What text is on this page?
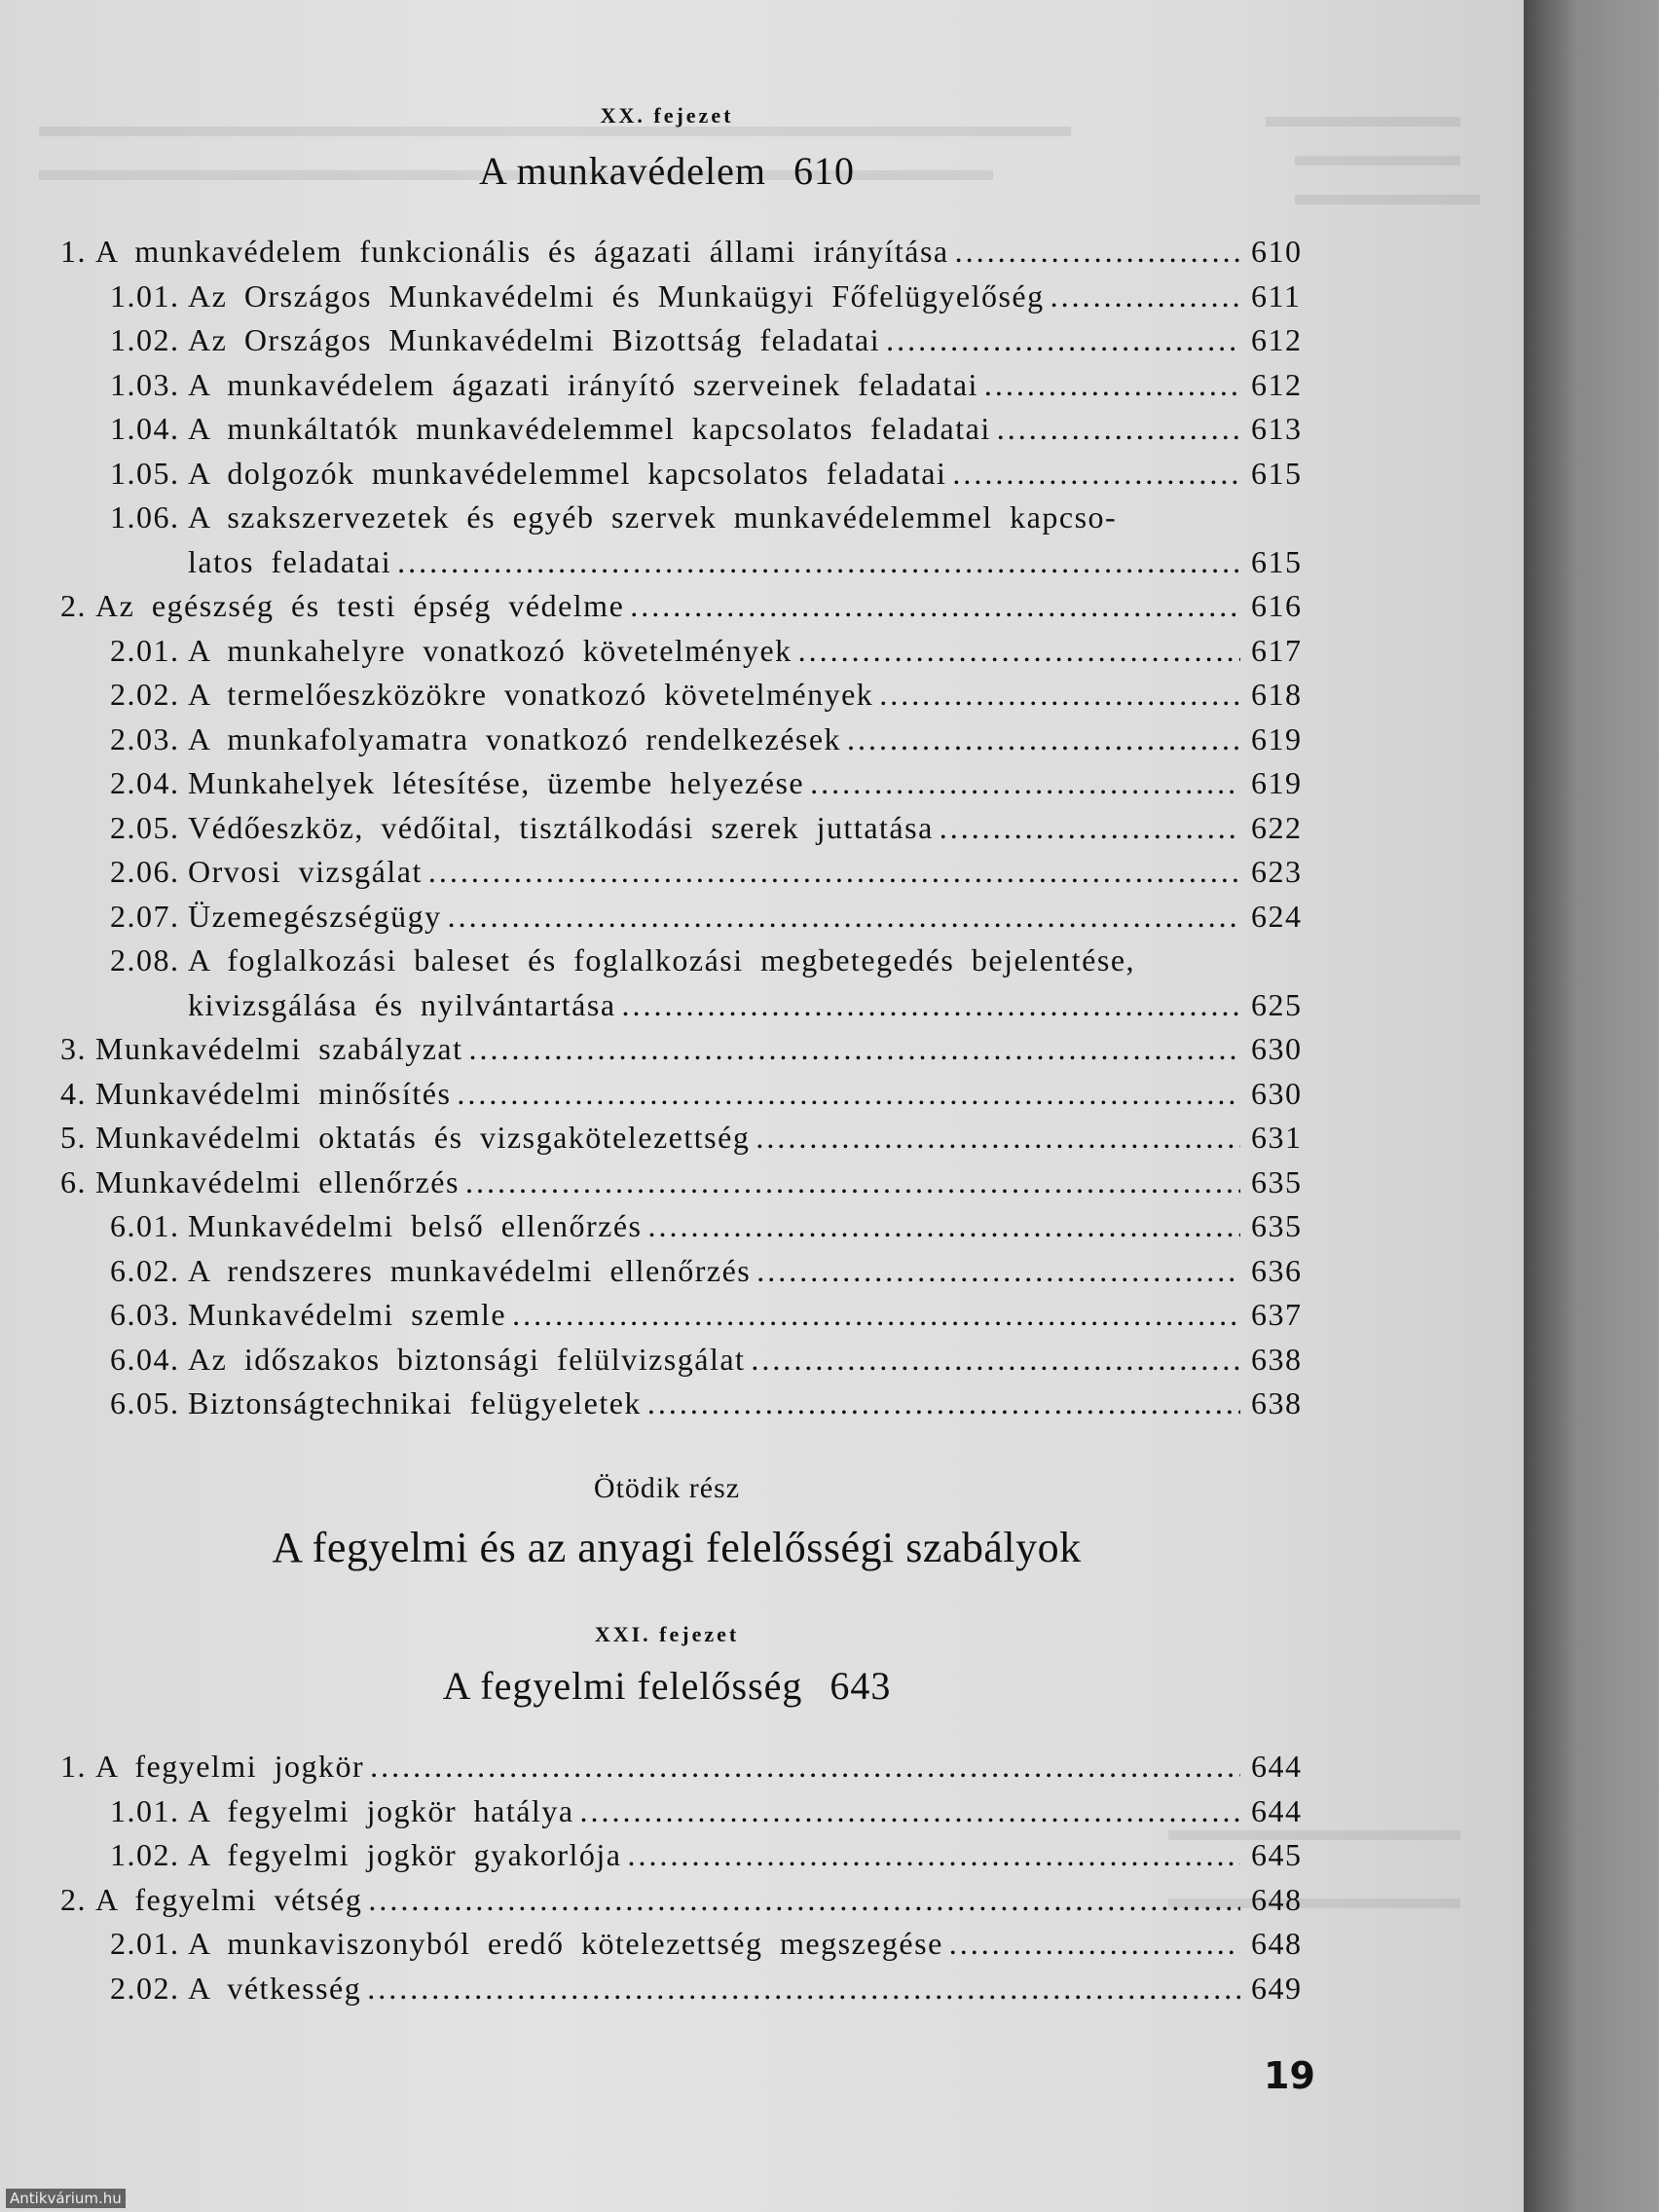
XX. fejezet
A munkavédelem 610
1. A munkavédelem funkcionális és ágazati állami irányítása .....	610
1.01. Az Országos Munkavédelmi és Munkaügyi Főfelügyelőség .....	611
1.02. Az Országos Munkavédelmi Bizottság feladatai .....	612
1.03. A munkavédelem ágazati irányító szerveinek feladatai .....	612
1.04. A munkáltatók munkavédelemmel kapcsolatos feladatai .....	613
1.05. A dolgozók munkavédelemmel kapcsolatos feladatai .....	615
1.06. A szakszervezetek és egyéb szervek munkavédelemmel kapcso-
latos feladatai .....	615
2. Az egészség és testi épség védelme .....	616
2.01. A munkahelyre vonatkozó követelmények .....	617
2.02. A termelőeszközökre vonatkozó követelmények .....	618
2.03. A munkafolyamatra vonatkozó rendelkezések .....	619
2.04. Munkahelyek létesítése, üzembe helyezése .....	619
2.05. Védőeszköz, védőital, tisztálkodási szerek juttatása .....	622
2.06. Orvosi vizsgálat .....	623
2.07. Üzemegészségügy .....	624
2.08. A foglalkozási baleset és foglalkozási megbetegedés bejelentése,
kivizsgálása és nyilvántartása .....	625
3. Munkavédelmi szabályzat .....	630
4. Munkavédelmi minősítés .....	630
5. Munkavédelmi oktatás és vizsgakötelezettség .....	631
6. Munkavédelmi ellenőrzés .....	635
6.01. Munkavédelmi belső ellenőrzés .....	635
6.02. A rendszeres munkavédelmi ellenőrzés .....	636
6.03. Munkavédelmi szemle .....	637
6.04. Az időszakos biztonsági felülvizsgálat .....	638
6.05. Biztonságtechnikai felügyeletek .....	638
Ötödik rész
A fegyelmi és az anyagi felelősségi szabályok
XXI. fejezet
A fegyelmi felelősség 643
1. A fegyelmi jogkör .....	644
1.01. A fegyelmi jogkör hatálya .....	644
1.02. A fegyelmi jogkör gyakorlója .....	645
2. A fegyelmi vétség .....	648
2.01. A munkaviszonyból eredő kötelezettség megszegése .....	648
2.02. A vétkesség .....	649
19
Antikvárium.hu
